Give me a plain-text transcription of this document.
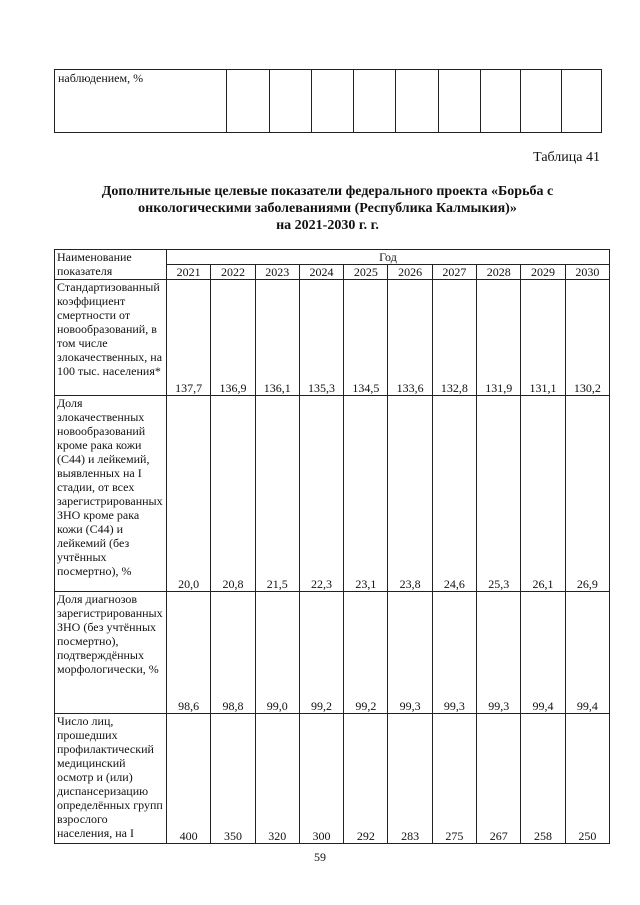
наблюдением, %									
Таблица 41
Дополнительные целевые показатели федерального проекта «Борьба с
онкологическими заболеваниями (Республика Калмыкия)»
на 2021-2030 г. г.
Наименование показателя	Год									
	2021	2022	2023	2024	2025	2026	2027	2028	2029	2030
Стандартизованный коэффициент смертности от новообразований, в том числе злокачественных, на 100 тыс. населения*	137,7	136,9	136,1	135,3	134,5	133,6	132,8	131,9	131,1	130,2
Доля злокачественных новообразований кроме рака кожи (С44) и лейкемий, выявленных на I стадии, от всех зарегистрированных ЗНО кроме рака кожи (С44) и лейкемий (без учтённых посмертно), %	20,0	20,8	21,5	22,3	23,1	23,8	24,6	25,3	26,1	26,9
Доля диагнозов зарегистрированных ЗНО (без учтённых посмертно), подтверждённых морфологически, %	98,6	98,8	99,0	99,2	99,2	99,3	99,3	99,3	99,4	99,4
Число лиц, прошедших профилактический медицинский осмотр и (или) диспансеризацию определённых групп взрослого населения, на I	400	350	320	300	292	283	275	267	258	250
59
